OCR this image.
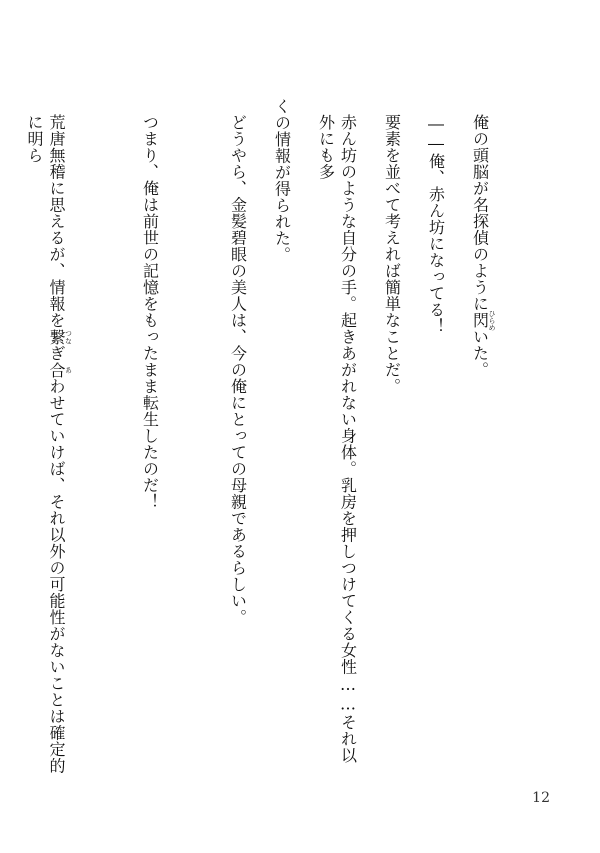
俺の頭脳が名探偵のように閃ひらめいた。

――俺、赤ん坊になってる！

要素を並べて考えれば簡単なことだ。

赤ん坊のような自分の手。起きあがれない身体。乳房を押しつけてくる女性……それ以外にも多

くの情報が得られた。

どうやら、金髪碧眼の美人は、今の俺にとっての母親であるらしい。

つまり、俺は前世の記憶をもったまま転生したのだ！

荒唐無稽に思えるが、情報を繋つなぎ合あわせていけば、それ以外の可能性がないことは確定的に明ら

12
